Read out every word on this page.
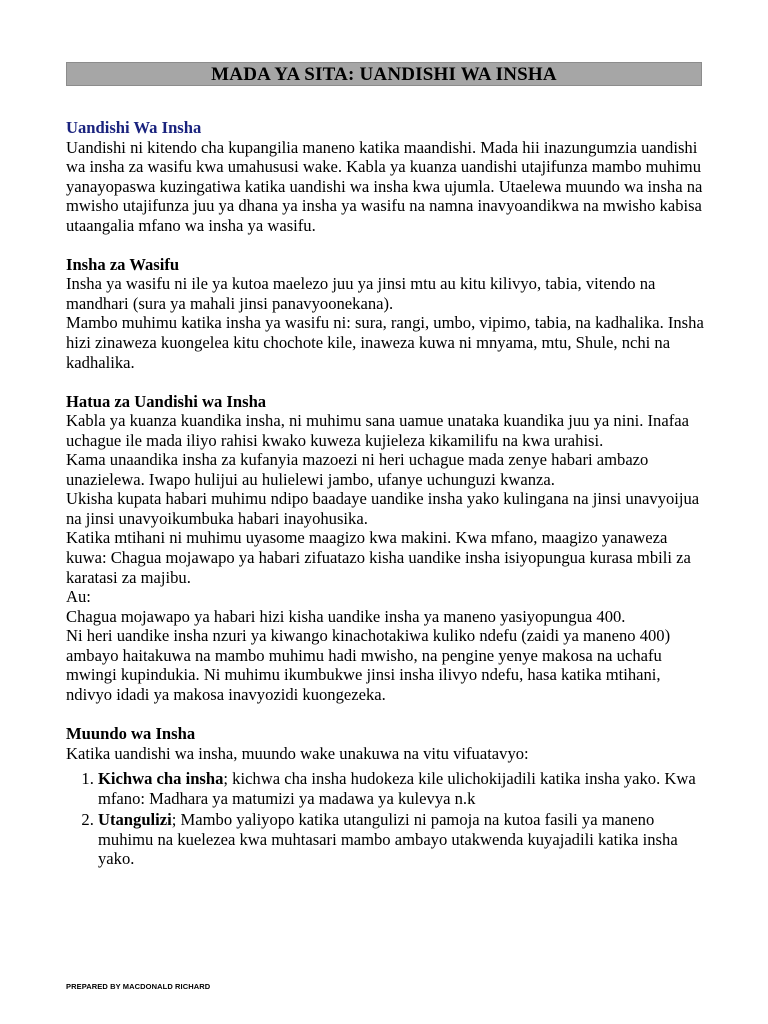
MADA YA SITA: UANDISHI WA INSHA

Uandishi Wa Insha

Uandishi ni kitendo cha kupangilia maneno katika maandishi. Mada hii inazungumzia uandishi wa insha za wasifu kwa umahususi wake. Kabla ya kuanza uandishi utajifunza mambo muhimu yanayopaswa kuzingatiwa katika uandishi wa insha kwa ujumla. Utaelewa muundo wa insha na mwisho utajifunza juu ya dhana ya insha ya wasifu na namna inavyoandikwa na mwisho kabisa utaangalia mfano wa insha ya wasifu.

Insha za Wasifu

Insha ya wasifu ni ile ya kutoa maelezo juu ya jinsi mtu au kitu kilivyo, tabia, vitendo na mandhari (sura ya mahali jinsi panavyoonekana).

Mambo muhimu katika insha ya wasifu ni: sura, rangi, umbo, vipimo, tabia, na kadhalika. Insha hizi zinaweza kuongelea kitu chochote kile, inaweza kuwa ni mnyama, mtu, Shule, nchi na kadhalika.

Hatua za Uandishi wa Insha

Kabla ya kuanza kuandika insha, ni muhimu sana uamue unataka kuandika juu ya nini. Inafaa uchague ile mada iliyo rahisi kwako kuweza kujieleza kikamilifu na kwa urahisi.

Kama unaandika insha za kufanyia mazoezi ni heri uchague mada zenye habari ambazo unazielewa. Iwapo hulijui au hulielewi jambo, ufanye uchunguzi kwanza.

Ukisha kupata habari muhimu ndipo baadaye uandike insha yako kulingana na jinsi unavyoijua na jinsi unavyoikumbuka habari inayohusika.

Katika mtihani ni muhimu uyasome maagizo kwa makini. Kwa mfano, maagizo yanaweza kuwa: Chagua mojawapo ya habari zifuatazo kisha uandike insha isiyopungua kurasa mbili za karatasi za majibu.

Au:

Chagua mojawapo ya habari hizi kisha uandike insha ya maneno yasiyopungua 400.

Ni heri uandike insha nzuri ya kiwango kinachotakiwa kuliko ndefu (zaidi ya maneno 400) ambayo haitakuwa na mambo muhimu hadi mwisho, na pengine yenye makosa na uchafu mwingi kupindukia. Ni muhimu ikumbukwe jinsi insha ilivyo ndefu, hasa katika mtihani, ndivyo idadi ya makosa inavyozidi kuongezeka.

Muundo wa Insha

Katika uandishi wa insha, muundo wake unakuwa na vitu vifuatavyo:

1. Kichwa cha insha; kichwa cha insha hudokeza kile ulichokijadili katika insha yako. Kwa mfano: Madhara ya matumizi ya madawa ya kulevya n.k
2. Utangulizi; Mambo yaliyopo katika utangulizi ni pamoja na kutoa fasili ya maneno muhimu na kuelezea kwa muhtasari mambo ambayo utakwenda kuyajadili katika insha yako.
PREPARED BY MACDONALD RICHARD
